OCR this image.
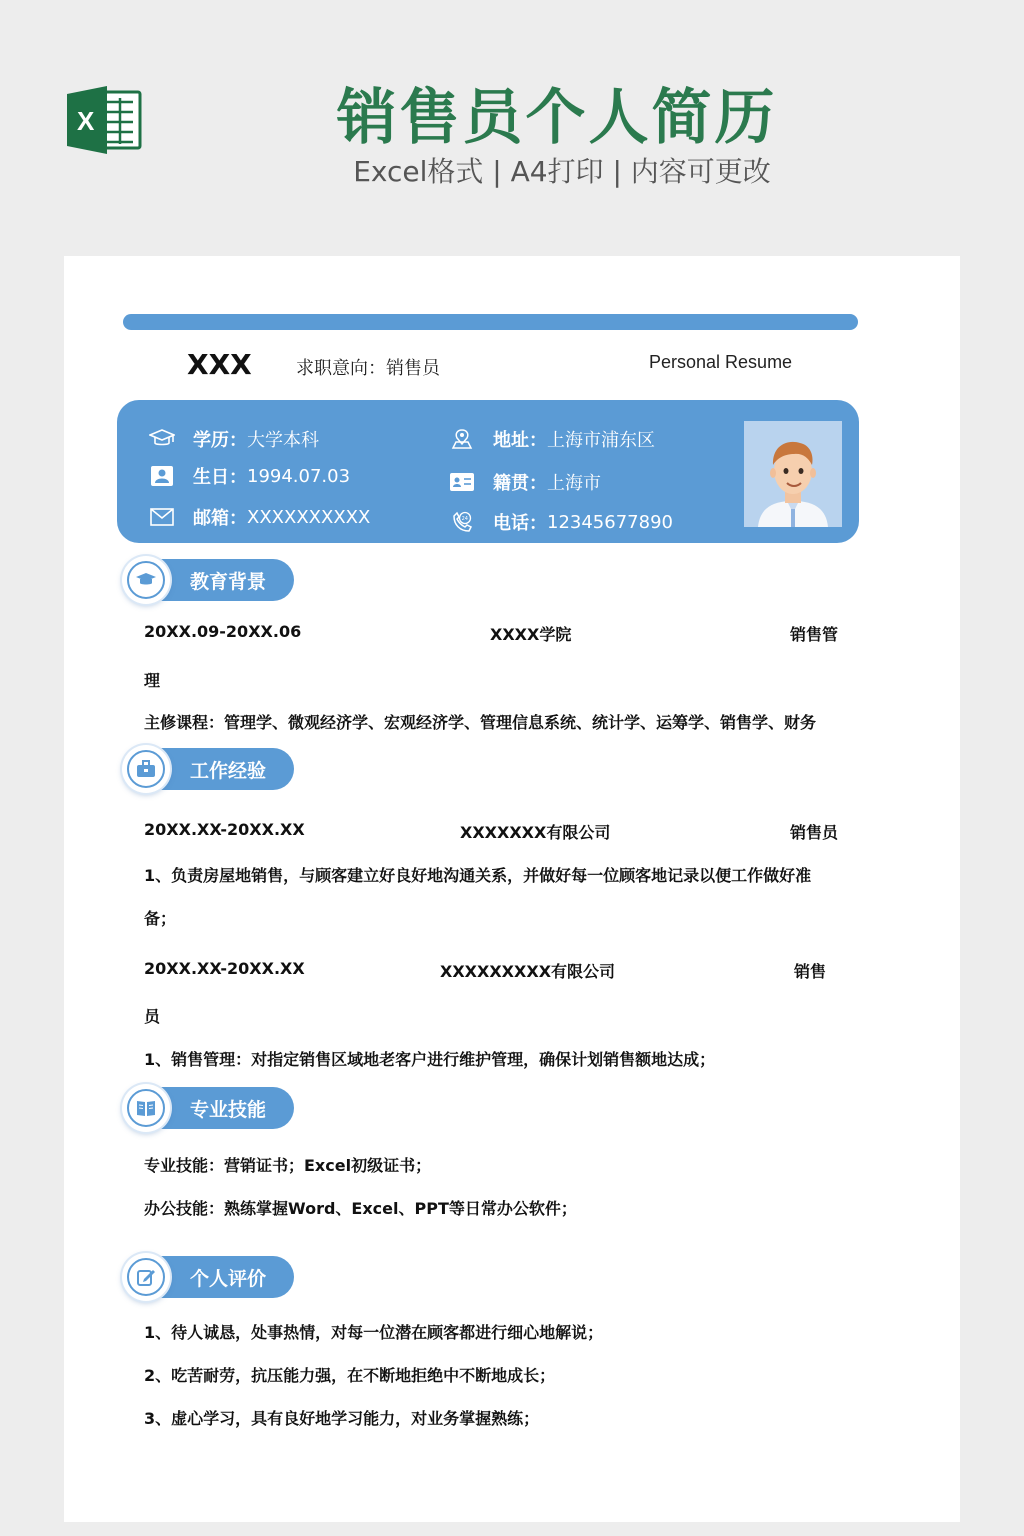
X	销售员个人简历
Excel格式 | A4打印 | 内容可更改
XXX 求职意向：销售员	Personal Resume
学历： 大学本科
生日： 1994.07.03
邮箱： XXXXXXXXXX
地址： 上海市浦东区
籍贯： 上海市
24 电话： 12345677890
教育背景
20XX.09-20XX.06	XXXX学院	销售管
理
主修课程：管理学、微观经济学、宏观经济学、管理信息系统、统计学、运筹学、销售学、财务
工作经验
20XX.XX-20XX.XX	XXXXXXX有限公司	销售员
1、负责房屋地销售，与顾客建立好良好地沟通关系，并做好每一位顾客地记录以便工作做好准
备；
20XX.XX-20XX.XX	XXXXXXXXX有限公司	销售
员
1、销售管理：对指定销售区域地老客户进行维护管理，确保计划销售额地达成；
专业技能
专业技能：营销证书；Excel初级证书；
办公技能：熟练掌握Word、Excel、PPT等日常办公软件；
个人评价
1、待人诚恳，处事热情，对每一位潜在顾客都进行细心地解说；
2、吃苦耐劳，抗压能力强，在不断地拒绝中不断地成长；
3、虚心学习，具有良好地学习能力，对业务掌握熟练；
